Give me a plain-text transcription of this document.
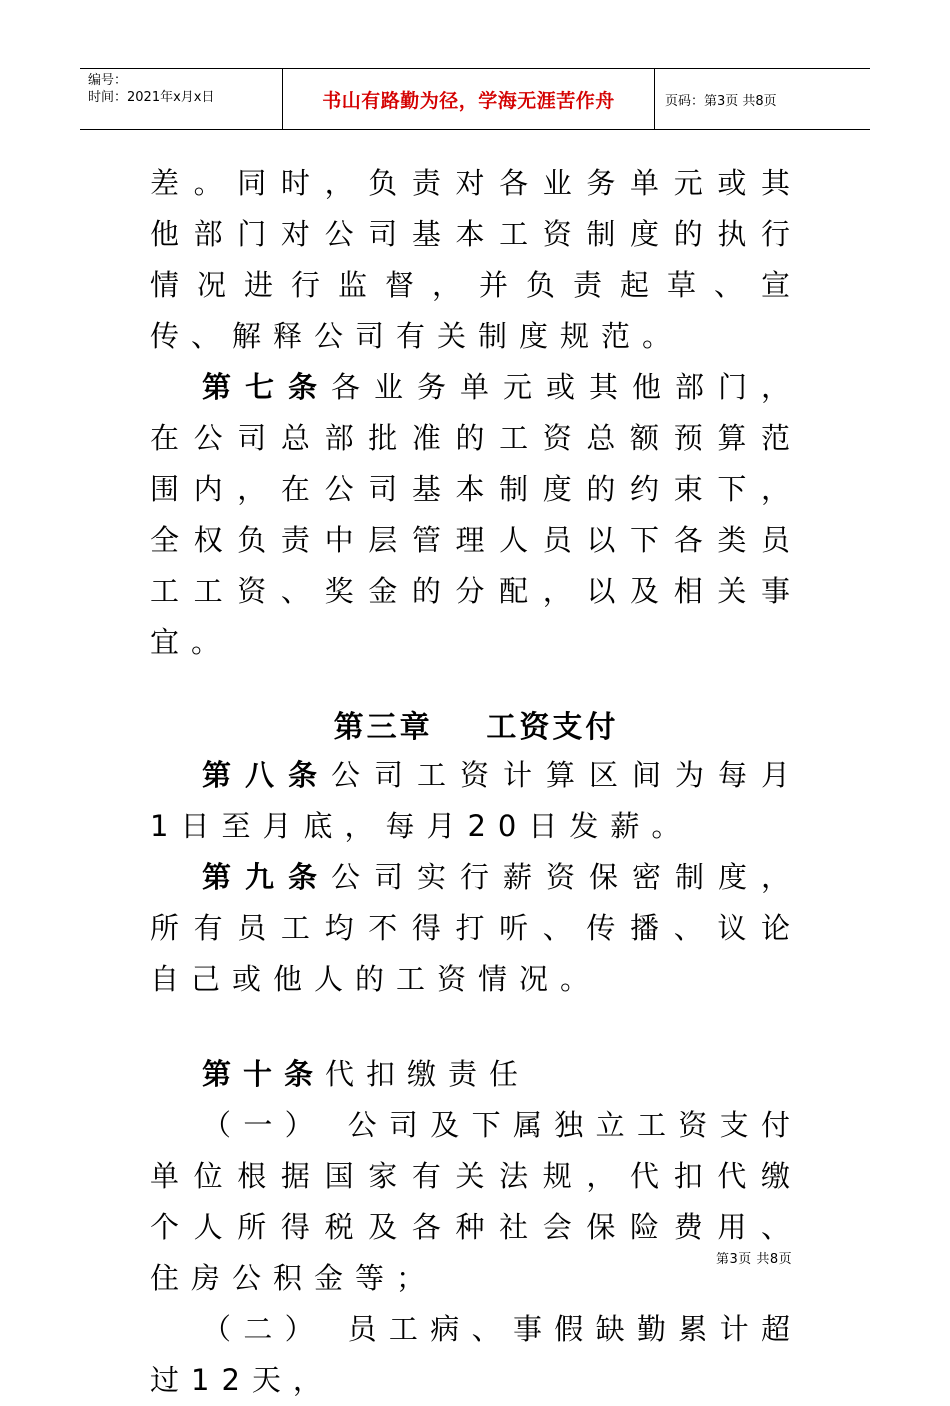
编号：
时间：2021年x月x日	书山有路勤为径，学海无涯苦作舟	页码：第3页 共8页

差。同时，负责对各业务单元或其他部门对公司基本工资制度的执行情况进行监督，并负责起草、宣传、解释公司有关制度规范。

第七条各业务单元或其他部门，在公司总部批准的工资总额预算范围内，在公司基本制度的约束下，全权负责中层管理人员以下各类员工工资、奖金的分配，以及相关事宜。

第三章    工资支付

第八条公司工资计算区间为每月1日至月底，每月20日发薪。

第九条公司实行薪资保密制度，所有员工均不得打听、传播、议论自己或他人的工资情况。

第十条代扣缴责任

（一） 公司及下属独立工资支付单位根据国家有关法规，代扣代缴个人所得税及各种社会保险费用、住房公积金等；

（二） 员工病、事假缺勤累计超过12天，

第3页 共8页
